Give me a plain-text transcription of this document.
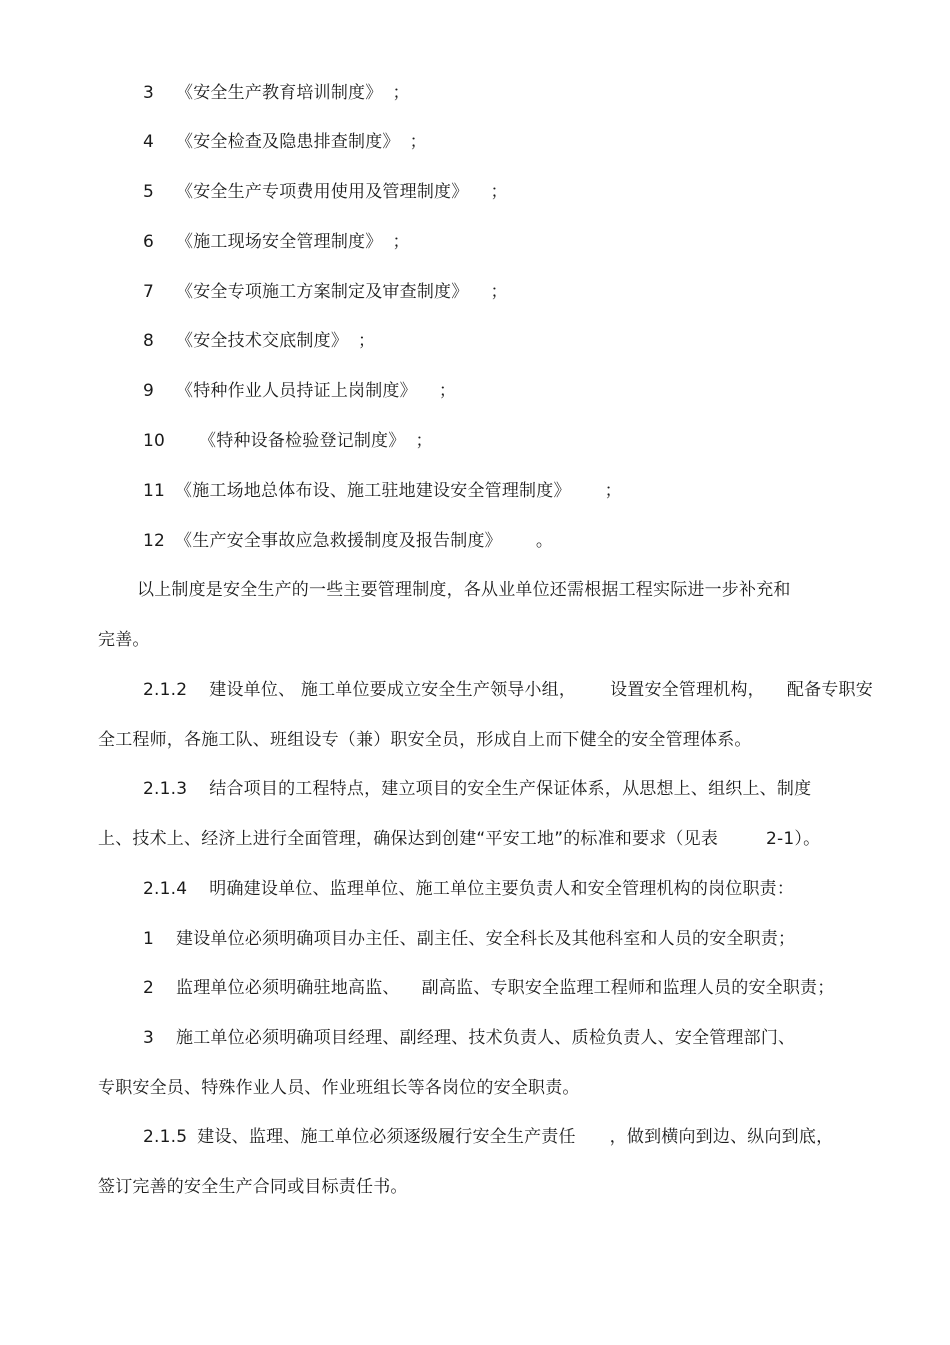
3 《安全生产教育培训制度》 ；
4 《安全检查及隐患排查制度》 ；
5 《安全生产专项费用使用及管理制度》 ；
6 《施工现场安全管理制度》 ；
7 《安全专项施工方案制定及审查制度》 ；
8 《安全技术交底制度》 ；
9 《特种作业人员持证上岗制度》 ；
10 《特种设备检验登记制度》 ；
11 《施工场地总体布设、施工驻地建设安全管理制度》 ；
12 《生产安全事故应急救援制度及报告制度》 。
以上制度是安全生产的一些主要管理制度，各从业单位还需根据工程实际进一步补充和
完善。
2.1.2 建设单位、 施工单位要成立安全生产领导小组， 设置安全管理机构， 配备专职安
全工程师，各施工队、班组设专（兼）职安全员，形成自上而下健全的安全管理体系。
2.1.3 结合项目的工程特点，建立项目的安全生产保证体系，从思想上、组织上、制度
上、技术上、经济上进行全面管理，确保达到创建“平安工地”的标准和要求（见表	2-1）。
2.1.4 明确建设单位、监理单位、施工单位主要负责人和安全管理机构的岗位职责：
1 建设单位必须明确项目办主任、副主任、安全科长及其他科室和人员的安全职责；
2 监理单位必须明确驻地高监、 副高监、专职安全监理工程师和监理人员的安全职责；
3 施工单位必须明确项目经理、副经理、技术负责人、质检负责人、安全管理部门、
专职安全员、特殊作业人员、作业班组长等各岗位的安全职责。
2.1.5 建设、监理、施工单位必须逐级履行安全生产责任 ，做到横向到边、纵向到底，
签订完善的安全生产合同或目标责任书。
